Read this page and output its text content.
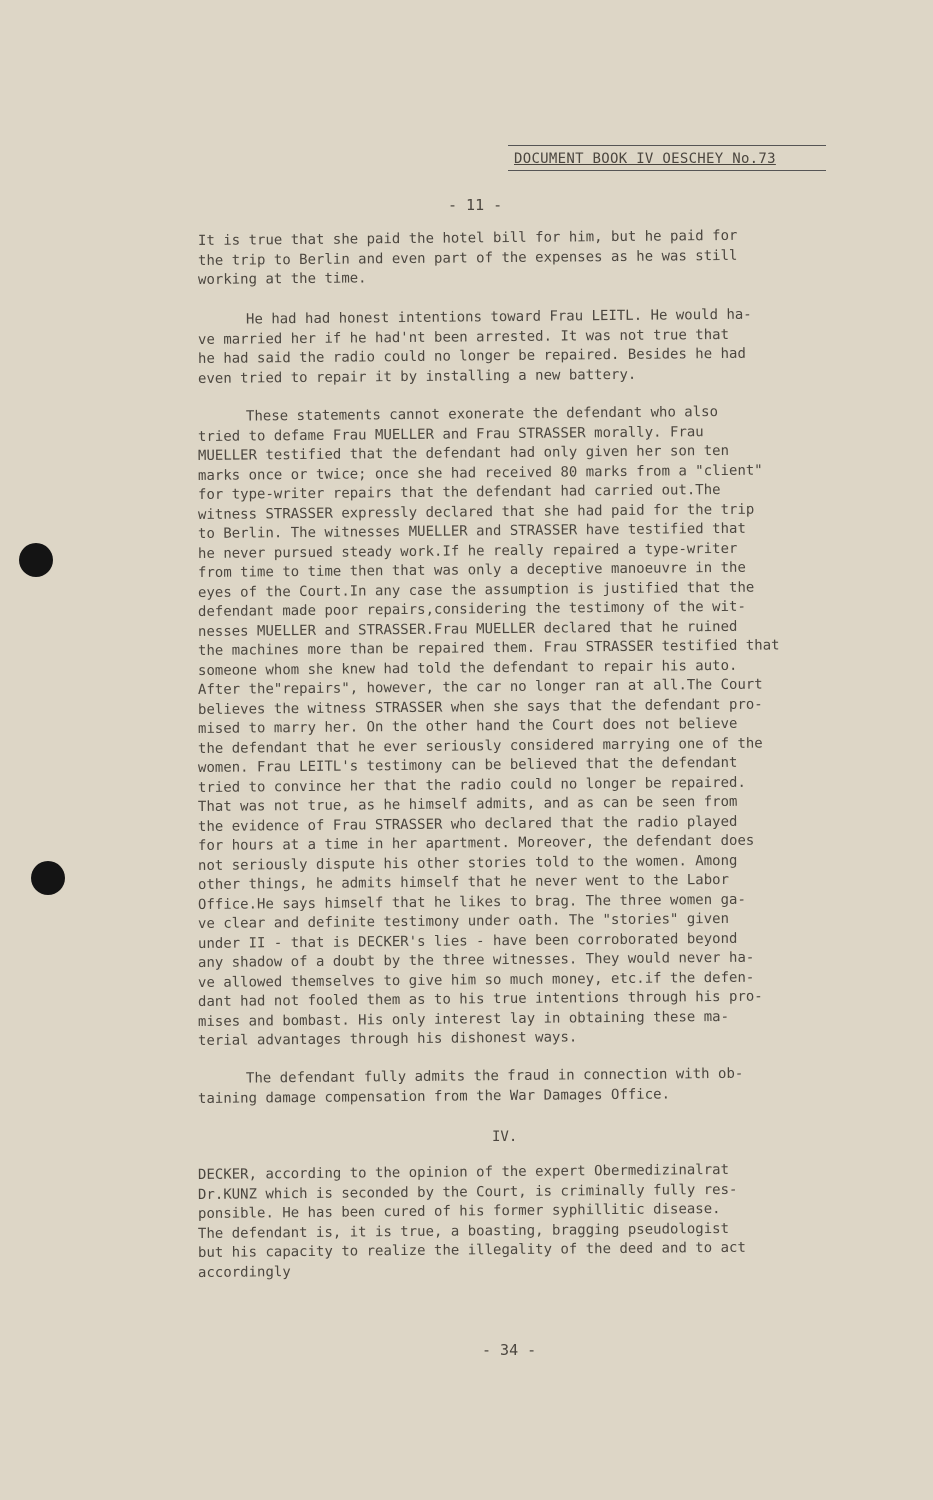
DOCUMENT BOOK IV OESCHEY No.73
- 11 -
It is true that she paid the hotel bill for him, but he paid for
the trip to Berlin and even part of the expenses as he was still
working at the time.
He had had honest intentions toward Frau LEITL. He would ha-
ve married her if he had'nt been arrested. It was not true that
he had said the radio could no longer be repaired. Besides he had
even tried to repair it by installing a new battery.
These statements cannot exonerate the defendant who also
tried to defame Frau MUELLER and Frau STRASSER morally. Frau
MUELLER testified that the defendant had only given her son ten
marks once or twice; once she had received 80 marks from a "client"
for type-writer repairs that the defendant had carried out.The
witness STRASSER expressly declared that she had paid for the trip
to Berlin. The witnesses MUELLER and STRASSER have testified that
he never pursued steady work.If he really repaired a type-writer
from time to time then that was only a deceptive manoeuvre in the
eyes of the Court.In any case the assumption is justified that the
defendant made poor repairs,considering the testimony of the wit-
nesses MUELLER and STRASSER.Frau MUELLER declared that he ruined
the machines more than be repaired them. Frau STRASSER testified that
someone whom she knew had told the defendant to repair his auto.
After the"repairs", however, the car no longer ran at all.The Court
believes the witness STRASSER when she says that the defendant pro-
mised to marry her. On the other hand the Court does not believe
the defendant that he ever seriously considered marrying one of the
women. Frau LEITL's testimony can be believed that the defendant
tried to convince her that the radio could no longer be repaired.
That was not true, as he himself admits, and as can be seen from
the evidence of Frau STRASSER who declared that the radio played
for hours at a time in her apartment. Moreover, the defendant does
not seriously dispute his other stories told to the women. Among
other things, he admits himself that he never went to the Labor
Office.He says himself that he likes to brag. The three women ga-
ve clear and definite testimony under oath. The "stories" given
under II - that is DECKER's lies - have been corroborated beyond
any shadow of a doubt by the three witnesses. They would never ha-
ve allowed themselves to give him so much money, etc.if the defen-
dant had not fooled them as to his true intentions through his pro-
mises and bombast. His only interest lay in obtaining these ma-
terial advantages through his dishonest ways.
The defendant fully admits the fraud in connection with ob-
taining damage compensation from the War Damages Office.
IV.
DECKER, according to the opinion of the expert Obermedizinalrat
Dr.KUNZ which is seconded by the Court, is criminally fully res-
ponsible. He has been cured of his former syphillitic disease.
The defendant is, it is true, a boasting, bragging pseudologist
but his capacity to realize the illegality of the deed and to act
accordingly
- 34 -
